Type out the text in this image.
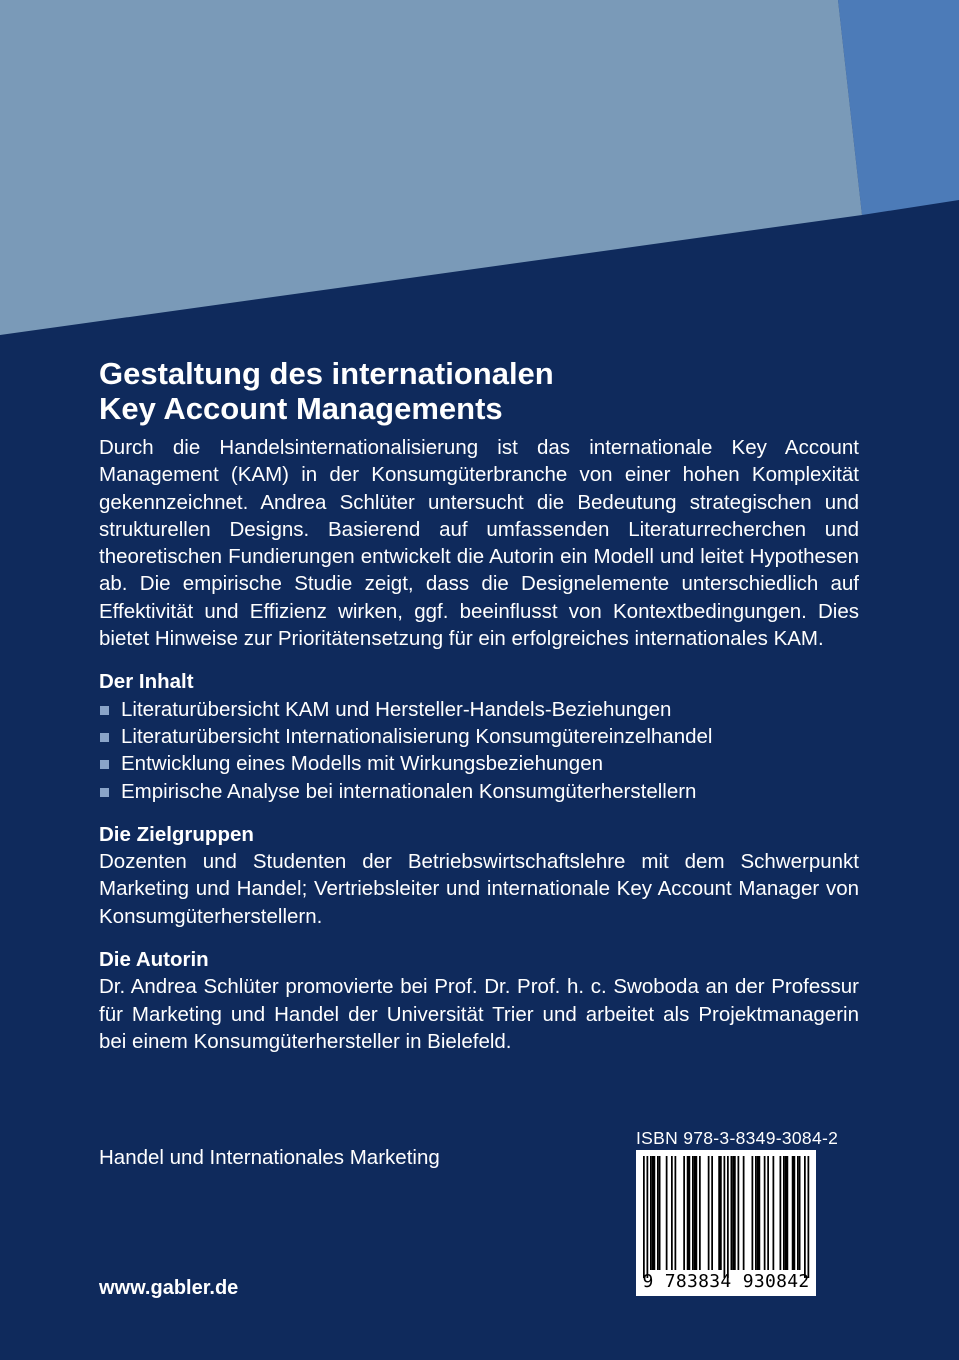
Gestaltung des internationalen
Key Account Managements

Durch die Handelsinternationalisierung ist das internationale Key Account Management (KAM) in der Konsumgüterbranche von einer hohen Komplexität gekennzeichnet. Andrea Schlüter untersucht die Bedeutung strategischen und strukturellen Designs. Basierend auf umfassenden Literaturrecherchen und theoretischen Fundierungen entwickelt die Autorin ein Modell und leitet Hypothesen ab. Die empirische Studie zeigt, dass die Designelemente unterschiedlich auf Effektivität und Effizienz wirken, ggf. beeinflusst von Kontextbedingungen. Dies bietet Hinweise zur Prioritätensetzung für ein erfolgreiches internationales KAM.

Der Inhalt
Literaturübersicht KAM und Hersteller-Handels-Beziehungen
Literaturübersicht Internationalisierung Konsumgütereinzelhandel
Entwicklung eines Modells mit Wirkungsbeziehungen
Empirische Analyse bei internationalen Konsumgüterherstellern
Die Zielgruppen

Dozenten und Studenten der Betriebswirtschaftslehre mit dem Schwerpunkt Marketing und Handel; Vertriebsleiter und internationale Key Account Manager von Konsumgüterherstellern.

Die Autorin

Dr. Andrea Schlüter promovierte bei Prof. Dr. Prof. h. c. Swoboda an der Professur für Marketing und Handel der Universität Trier und arbeitet als Projektmanagerin bei einem Konsumgüterhersteller in Bielefeld.

Handel und Internationales Marketing
www.gabler.de
ISBN 978-3-8349-3084-2
9 783834 930842
